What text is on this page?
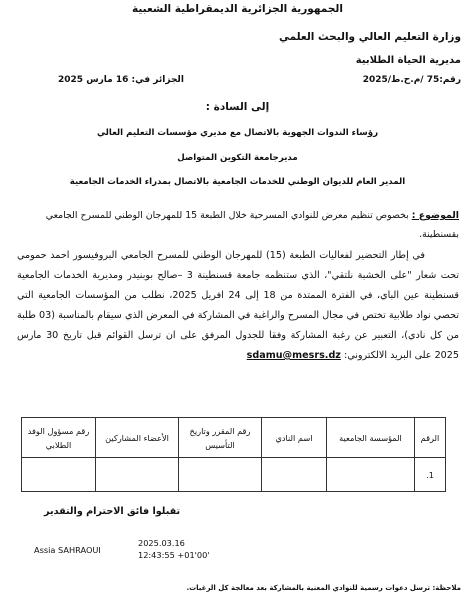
الجمهورية الجزائرية الديمقراطية الشعبية
وزارة التعليم العالي والبحث العلمي
مديرية الحياة الطلابية
رقم:75 /م.ح.ط/2025
الجزائر في: 16 مارس 2025
إلى السادة :
رؤساء الندوات الجهوية بالاتصال مع مديري مؤسسات التعليم العالي
مديرجامعة التكوين المتواصل
المدير العام للديوان الوطني للخدمات الجامعية بالاتصال بمدراء الخدمات الجامعية
الموضوع : بخصوص تنظيم معرض للنوادي المسرحية خلال الطبعة 15 للمهرجان الوطني للمسرح الجامعي بقسنطينة.
في إطار التحضير لفعاليات الطبعة (15) للمهرجان الوطني للمسرح الجامعي البروفيسور احمد حمومي تحت شعار "على الخشبة نلتقي"، الذي ستنظمه جامعة قسنطينة 3 –صالح بوبنيدر ومديرية الخدمات الجامعية قسنطينة عين الباي، في الفترة الممتدة من 18 إلى 24 افريل 2025، نطلب من المؤسسات الجامعية التي تحصي نواد طلابية تختص في مجال المسرح والراغبة في المشاركة في المعرض الذي سيقام بالمناسبة (03 طلبة من كل نادي)، التعبير عن رغبة المشاركة وفقا للجدول المرفق على ان ترسل القوائم قبل تاريخ 30 مارس 2025 على البريد الالكتروني: sdamu@mesrs.dz
الرقم	المؤسسة الجامعية	اسم النادي	رقم المقرر وتاريخ التأسيس	الأعضاء المشاركين	رقم مسؤول الوفد الطلابي
1.					
تقبلوا فائق الاحترام والتقدير
Assia SAHRAOUI
2025.03.16
12:43:55 +01'00'
ملاحظة: ترسل دعوات رسمية للنوادي المعنية بالمشاركة بعد معالجة كل الرغبات.
